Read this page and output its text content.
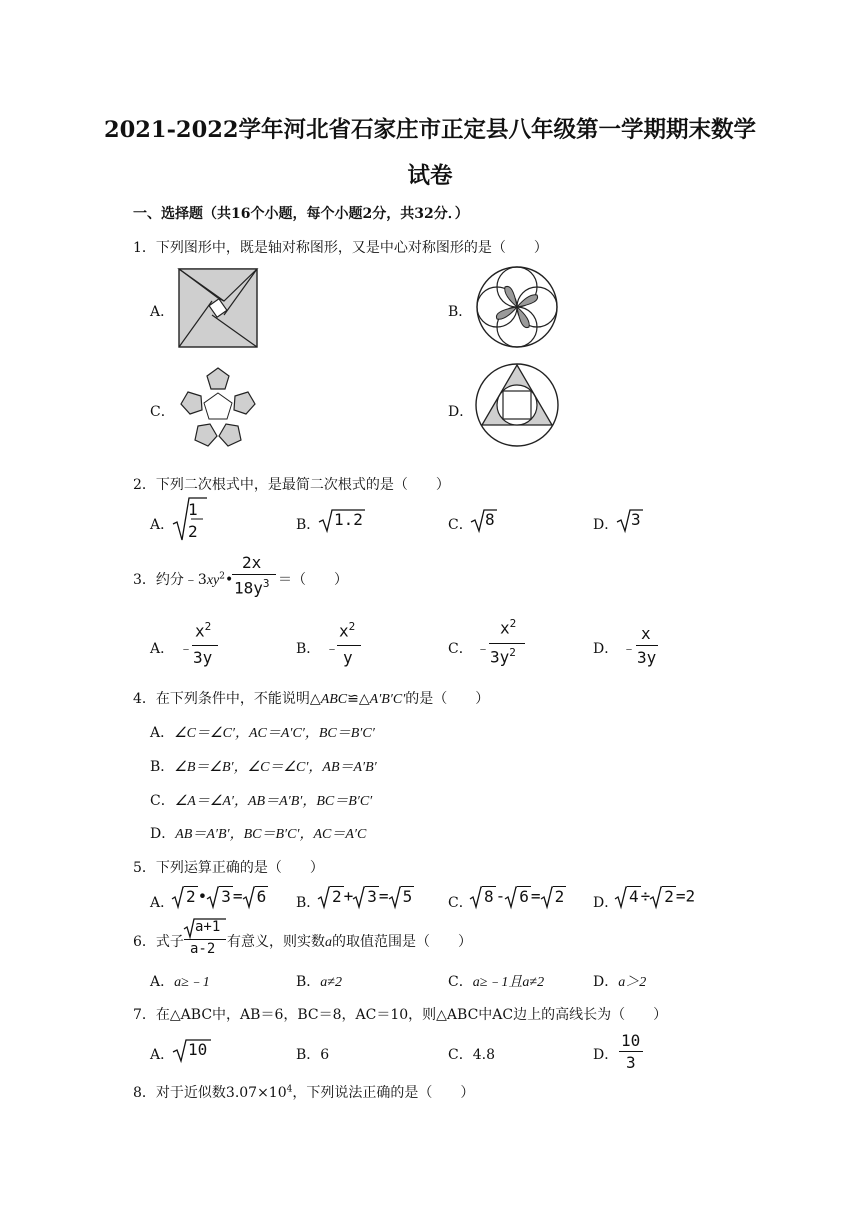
2021-2022学年河北省石家庄市正定县八年级第一学期期末数学
试卷
一、选择题（共16个小题，每个小题2分，共32分．）
1．下列图形中，既是轴对称图形，又是中心对称图形的是（　　）
A．	B．
C．	D．
2．下列二次根式中，是最简二次根式的是（　　）
A．
1
2	B． 1.2	C． 8	D． 3
3．约分$﹣3xy^2•$
2x
$18y^3$ ＝（　　）
A． ﹣
$x^2$
3y	B． ﹣
$x^2$
y	C． ﹣
$x^2$
$3y^2$	D． ﹣
x
3y
4．在下列条件中，不能说明△ABC≌△A′B′C′的是（　　）
A．∠C＝∠C′，AC＝A′C′，BC＝B′C′
B．∠B＝∠B′，∠C＝∠C′，AB＝A′B′
C．∠A＝∠A′，AB＝A′B′，BC＝B′C′
D．AB＝A′B′，BC＝B′C′，AC＝A′C
5．下列运算正确的是（　　）
A． 2 • 3 = 6 B． 2 + 3 = 5	C． 8 - 6 = 2 D． 4 ÷ 2 =2
6．式子
a+1
a-2 有意义，则实数a的取值范围是（　　）
A．a≥﹣1	B．a≠2	C．a≥﹣1且a≠2	D．a＞2
7．在△ABC中，AB＝6，BC＝8，AC＝10，则△ABC中AC边上的高线长为（　　）
A． 10	B．6	C．4.8	D．
10
3
8．对于近似数$3.07\times 10^4$，下列说法正确的是（　　）
